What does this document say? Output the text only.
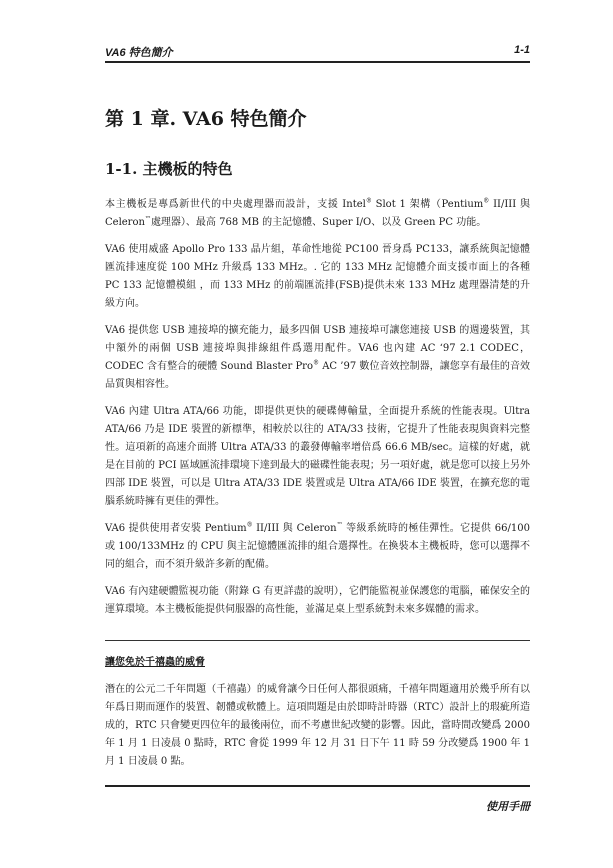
VA6 特色簡介	1-1
第 1 章. VA6 特色簡介
1-1. 主機板的特色

本主機板是專爲新世代的中央處理器而設計，支援 Intel® Slot 1 架構（Pentium® II/III 與 Celeron™處理器）、最高 768 MB 的主記憶體、Super I/O、以及 Green PC 功能。

VA6 使用威盛 Apollo Pro 133 晶片組，革命性地從 PC100 晉身爲 PC133，讓系統與記憶體匯流排速度從 100 MHz 升級爲 133 MHz。. 它的 133 MHz 記憶體介面支援市面上的各種 PC 133 記憶體模組 ，而 133 MHz 的前端匯流排(FSB)提供未來 133 MHz 處理器清楚的升級方向。

VA6 提供您 USB 連接埠的擴充能力，最多四個 USB 連接埠可讓您連接 USB 的週邊裝置，其中額外的兩個 USB 連接埠與排線組件爲選用配件。VA6 也內建 AC ‘97 2.1 CODEC，CODEC 含有整合的硬體 Sound Blaster Pro® AC ’97 數位音效控制器，讓您享有最佳的音效品質與相容性。

VA6 內建 Ultra ATA/66 功能，即提供更快的硬碟傳輸量，全面提升系統的性能表現。Ultra ATA/66 乃是 IDE 裝置的新標準，相較於以往的 ATA/33 技術，它提升了性能表現與資料完整性。這項新的高速介面將 Ultra ATA/33 的叢發傳輸率增倍爲 66.6 MB/sec。這樣的好處，就是在目前的 PCI 區域匯流排環境下達到最大的磁碟性能表現；另一項好處，就是您可以接上另外四部 IDE 裝置，可以是 Ultra ATA/33 IDE 裝置或是 Ultra ATA/66 IDE 裝置，在擴充您的電腦系統時擁有更佳的彈性。

VA6 提供使用者安裝 Pentium® II/III 與 Celeron™ 等級系統時的極佳彈性。它提供 66/100 或 100/133MHz 的 CPU 與主記憶體匯流排的組合選擇性。在換裝本主機板時，您可以選擇不同的組合，而不須升級許多新的配備。

VA6 有內建硬體監視功能（附錄 G 有更詳盡的說明），它們能監視並保護您的電腦，確保安全的運算環境。本主機板能提供伺服器的高性能，並滿足桌上型系統對未來多媒體的需求。

讓您免於千禧蟲的威脅
潛在的公元二千年問題（千禧蟲）的威脅讓今日任何人都很頭痛，千禧年問題適用於幾乎所有以年爲日期而運作的裝置、韌體或軟體上。這項問題是由於即時計時器（RTC）設計上的瑕疵所造成的，RTC 只會變更四位年的最後兩位，而不考慮世紀改變的影響。因此，當時間改變爲 2000 年 1 月 1 日凌晨 0 點時，RTC 會從 1999 年 12 月 31 日下午 11 時 59 分改變爲 1900 年 1 月 1 日凌晨 0 點。
使用手冊
